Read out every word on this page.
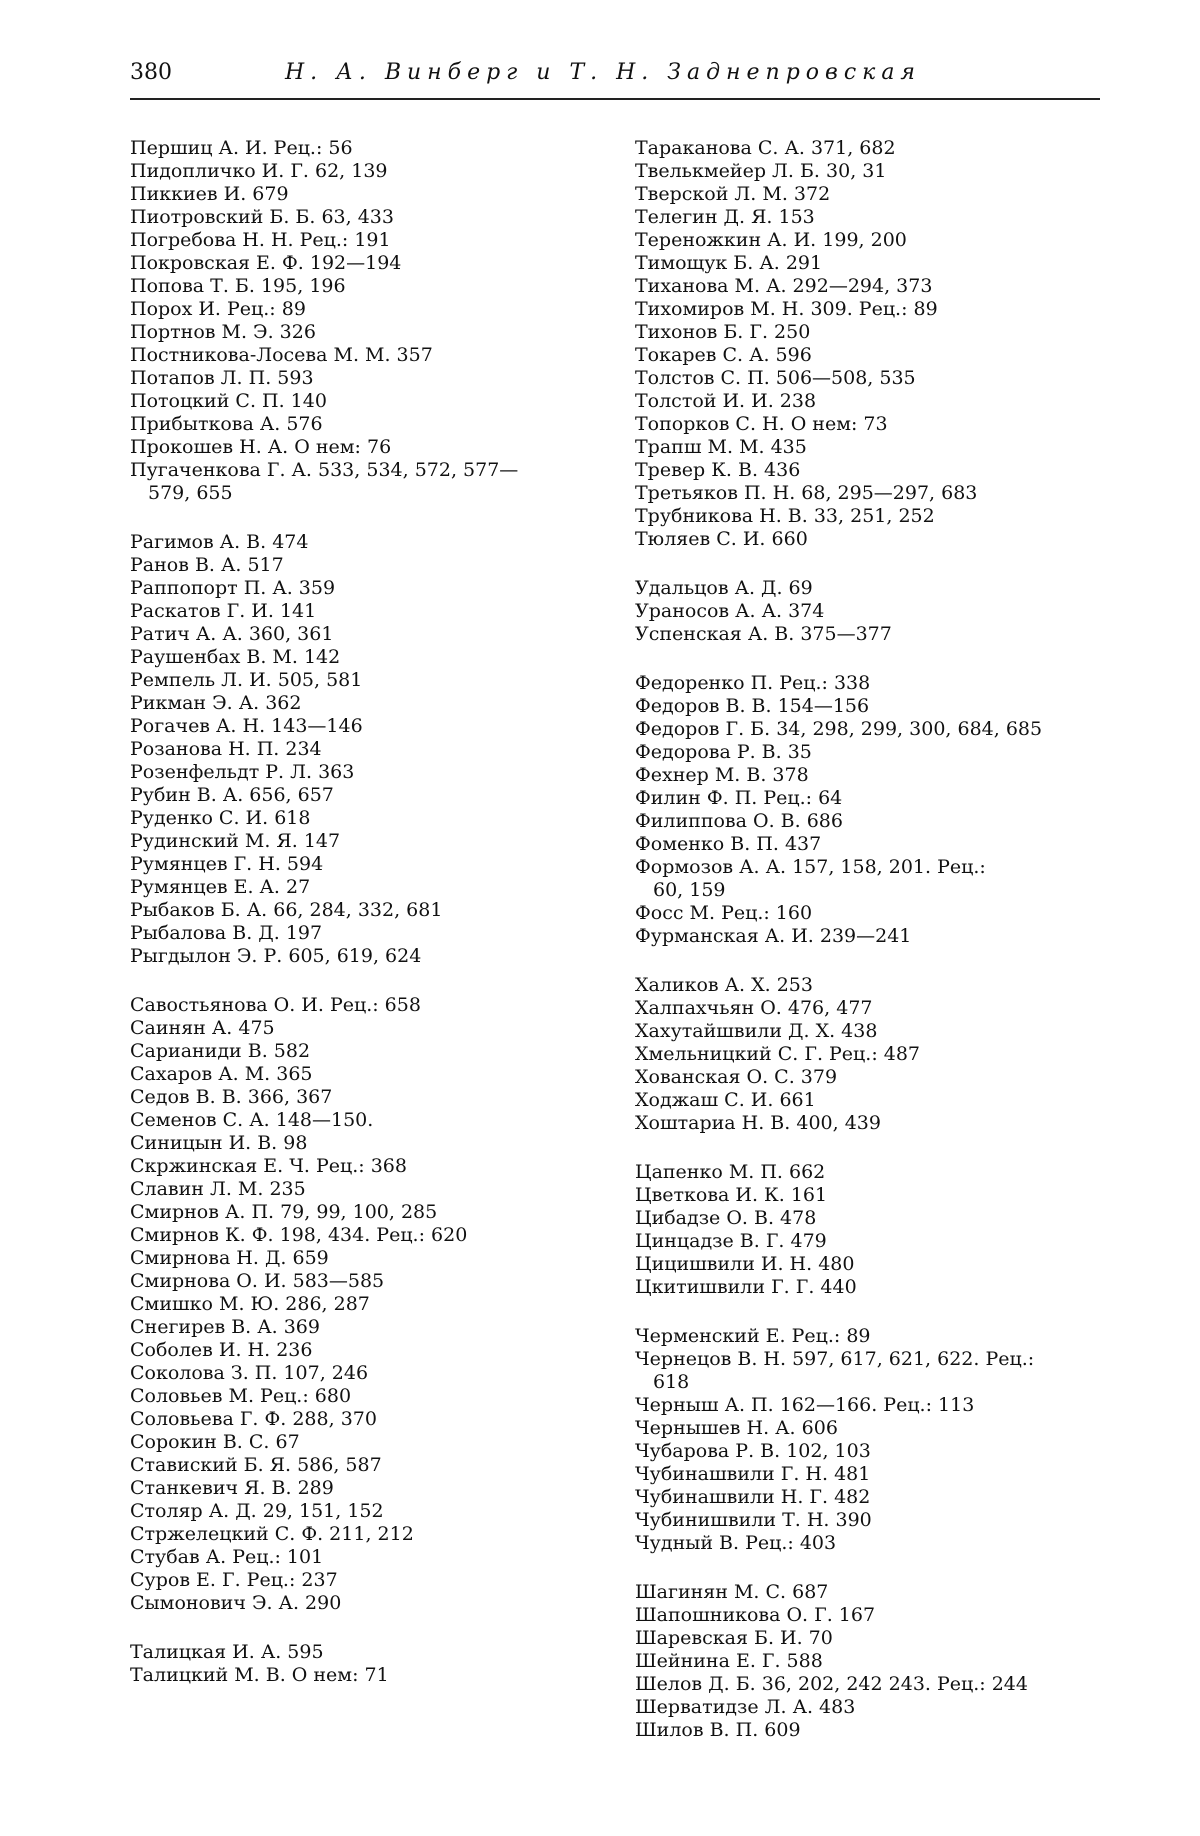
380	Н. А. Винберг и Т. Н. Заднепровская
Першиц А. И. Рец.: 56
Пидопличко И. Г. 62, 139
Пиккиев И. 679
Пиотровский Б. Б. 63, 433
Погребова Н. Н. Рец.: 191
Покровская Е. Ф. 192—194
Попова Т. Б. 195, 196
Порох И. Рец.: 89
Портнов М. Э. 326
Постникова-Лосева М. М. 357
Потапов Л. П. 593
Потоцкий С. П. 140
Прибыткова А. 576
Прокошев Н. А. О нем: 76
Пугаченкова Г. А. 533, 534, 572, 577—
579, 655
Рагимов А. В. 474
Ранов В. А. 517
Раппопорт П. А. 359
Раскатов Г. И. 141
Ратич А. А. 360, 361
Раушенбах В. М. 142
Ремпель Л. И. 505, 581
Рикман Э. А. 362
Рогачев А. Н. 143—146
Розанова Н. П. 234
Розенфельдт Р. Л. 363
Рубин В. А. 656, 657
Руденко С. И. 618
Рудинский М. Я. 147
Румянцев Г. Н. 594
Румянцев Е. А. 27
Рыбаков Б. А. 66, 284, 332, 681
Рыбалова В. Д. 197
Рыгдылон Э. Р. 605, 619, 624
Савостьянова О. И. Рец.: 658
Саинян А. 475
Сарианиди В. 582
Сахаров А. М. 365
Седов В. В. 366, 367
Семенов С. А. 148—150.
Синицын И. В. 98
Скржинская Е. Ч. Рец.: 368
Славин Л. М. 235
Смирнов А. П. 79, 99, 100, 285
Смирнов К. Ф. 198, 434. Рец.: 620
Смирнова Н. Д. 659
Смирнова О. И. 583—585
Смишко М. Ю. 286, 287
Снегирев В. А. 369
Соболев И. Н. 236
Соколова З. П. 107, 246
Соловьев М. Рец.: 680
Соловьева Г. Ф. 288, 370
Сорокин В. С. 67
Ставиский Б. Я. 586, 587
Станкевич Я. В. 289
Столяр А. Д. 29, 151, 152
Стржелецкий С. Ф. 211, 212
Стубав А. Рец.: 101
Суров Е. Г. Рец.: 237
Сымонович Э. А. 290
Талицкая И. А. 595
Талицкий М. В. О нем: 71
Тараканова С. А. 371, 682
Твелькмейер Л. Б. 30, 31
Тверской Л. М. 372
Телегин Д. Я. 153
Тереножкин А. И. 199, 200
Тимощук Б. А. 291
Тиханова М. А. 292—294, 373
Тихомиров М. Н. 309. Рец.: 89
Тихонов Б. Г. 250
Токарев С. А. 596
Толстов С. П. 506—508, 535
Толстой И. И. 238
Топорков С. Н. О нем: 73
Трапш М. М. 435
Тревер К. В. 436
Третьяков П. Н. 68, 295—297, 683
Трубникова Н. В. 33, 251, 252
Тюляев С. И. 660
Удальцов А. Д. 69
Ураносов А. А. 374
Успенская А. В. 375—377
Федоренко П. Рец.: 338
Федоров В. В. 154—156
Федоров Г. Б. 34, 298, 299, 300, 684, 685
Федорова Р. В. 35
Фехнер М. В. 378
Филин Ф. П. Рец.: 64
Филиппова О. В. 686
Фоменко В. П. 437
Формозов А. А. 157, 158, 201. Рец.:
60, 159
Фосс М. Рец.: 160
Фурманская А. И. 239—241
Халиков А. Х. 253
Халпахчьян О. 476, 477
Хахутайшвили Д. Х. 438
Хмельницкий С. Г. Рец.: 487
Хованская О. С. 379
Ходжаш С. И. 661
Хоштариа Н. В. 400, 439
Цапенко М. П. 662
Цветкова И. К. 161
Цибадзе О. В. 478
Цинцадзе В. Г. 479
Цицишвили И. Н. 480
Цкитишвили Г. Г. 440
Черменский Е. Рец.: 89
Чернецов В. Н. 597, 617, 621, 622. Рец.:
618
Черныш А. П. 162—166. Рец.: 113
Чернышев Н. А. 606
Чубарова Р. В. 102, 103
Чубинашвили Г. Н. 481
Чубинашвили Н. Г. 482
Чубинишвили Т. Н. 390
Чудный В. Рец.: 403
Шагинян М. С. 687
Шапошникова О. Г. 167
Шаревская Б. И. 70
Шейнина Е. Г. 588
Шелов Д. Б. 36, 202, 242 243. Рец.: 244
Шерватидзе Л. А. 483
Шилов В. П. 609
